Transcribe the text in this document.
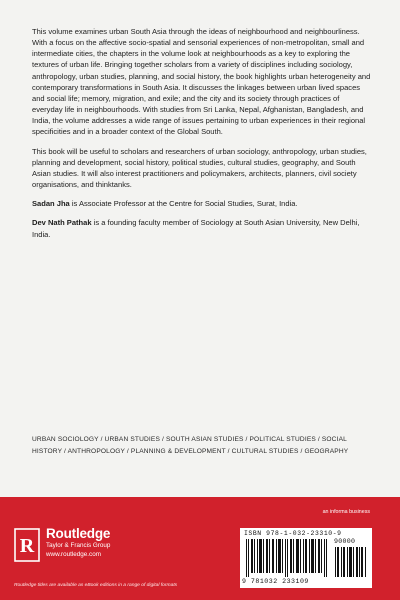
This volume examines urban South Asia through the ideas of neighbourhood and neighbourliness. With a focus on the affective socio-spatial and sensorial experiences of non-metropolitan, small and intermediate cities, the chapters in the volume look at neighbourhoods as a key to exploring the textures of urban life. Bringing together scholars from a variety of disciplines including sociology, anthropology, urban studies, planning, and social history, the book highlights urban heterogeneity and contemporary transformations in South Asia. It discusses the linkages between urban lived spaces and social life; memory, migration, and exile; and the city and its society through practices of everyday life in neighbourhoods. With studies from Sri Lanka, Nepal, Afghanistan, Bangladesh, and India, the volume addresses a wide range of issues pertaining to urban experiences in their regional specificities and in a broader context of the Global South.

This book will be useful to scholars and researchers of urban sociology, anthropology, urban studies, planning and development, social history, political studies, cultural studies, geography, and South Asian studies. It will also interest practitioners and policymakers, architects, planners, civil society organisations, and thinktanks.

Sadan Jha is Associate Professor at the Centre for Social Studies, Surat, India.

Dev Nath Pathak is a founding faculty member of Sociology at South Asian University, New Delhi, India.

URBAN SOCIOLOGY / URBAN STUDIES / SOUTH ASIAN STUDIES / POLITICAL STUDIES / SOCIAL HISTORY / ANTHROPOLOGY / PLANNING & DEVELOPMENT / CULTURAL STUDIES / GEOGRAPHY
an informa business
R
Routledge
Taylor & Francis Group
www.routledge.com
Routledge titles are available as eBook editions in a range of digital formats
ISBN 978-1-032-23310-9
90000
9 781032 233109
